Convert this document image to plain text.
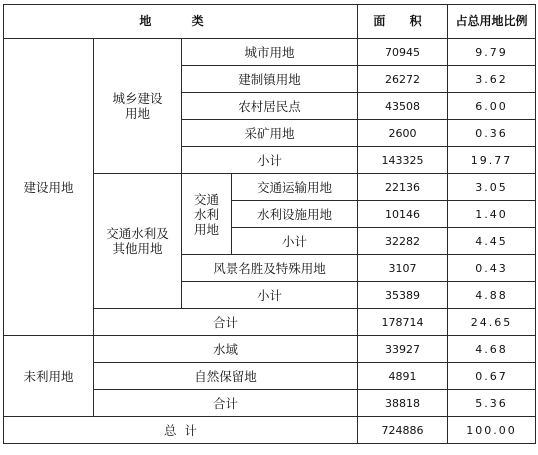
地 类				面 积	占总用地比例
建设用地	城乡建设用地	城市用地		70945	9.79
		建制镇用地		26272	3.62
		农村居民点		43508	6.00
		采矿用地		2600	0.36
		小计		143325	19.77
	交通水利及其他用地	交通水利用地	交通运输用地	22136	3.05
			水利设施用地	10146	1.40
			小计	32282	4.45
		风景名胜及特殊用地		3107	0.43
		小计		35389	4.88
	合计			178714	24.65
未利用地	水域			33927	4.68
	自然保留地			4891	0.67
	合计			38818	5.36
总  计				724886	100.00
